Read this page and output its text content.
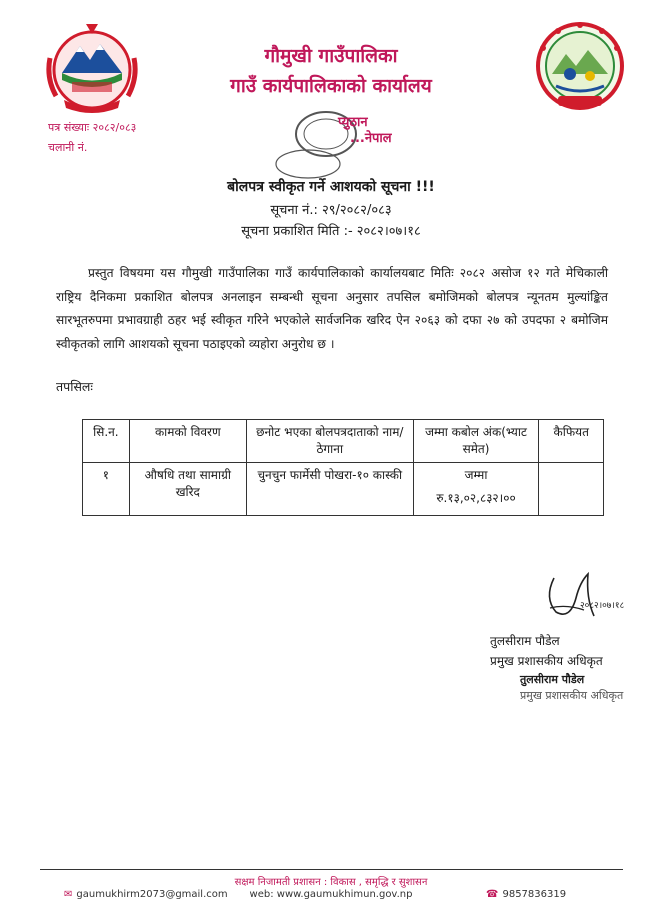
गौमुखी गाउँपालिका
गाउँ कार्यपालिकाको कार्यालय
पत्र संख्याः २०८२/०८३
चलानी नं.
प्युठान
...नेपाल
बोलपत्र स्वीकृत गर्ने आशयको सूचना !!!
सूचना नं.: २९/२०८२/०८३
सूचना प्रकाशित मिति :- २०८२।०७।१८
प्रस्तुत विषयमा यस गौमुखी गाउँपालिका गाउँ कार्यपालिकाको कार्यालयबाट मितिः २०८२ असोज १२ गते मेचिकाली राष्ट्रिय दैनिकमा प्रकाशित बोलपत्र अनलाइन सम्बन्धी सूचना अनुसार तपसिल बमोजिमको बोलपत्र न्यूनतम मुल्यांङ्कित सारभूतरुपमा प्रभावग्राही ठहर भई स्वीकृत गरिने भएकोले सार्वजनिक खरिद ऐन २०६३ को दफा २७ को उपदफा २ बमोजिम स्वीकृतको लागि आशयको सूचना पठाइएको व्यहोरा अनुरोध छ ।
तपसिलः
सि.न.	कामको विवरण	छनोट भएका बोलपत्रदाताको नाम/ठेगाना	जम्मा कबोल अंक(भ्याट समेत)	कैफियत
१	औषधि तथा सामाग्री खरिद	चुनचुन फार्मेसी पोखरा-१० कास्की	जम्मा
रु.१३,०२,८३२।००	

२०८२।०७।१८
तुलसीराम पौडेल
प्रमुख प्रशासकीय अधिकृत
तुलसीराम पौडेल
प्रमुख प्रशासकीय अधिकृत
सक्षम निजामती प्रशासन : विकास , समृद्धि र सुशासन
web: www.gaumukhimun.gov.np
✉ gaumukhirm2073@gmail.com	☎ 9857836319
